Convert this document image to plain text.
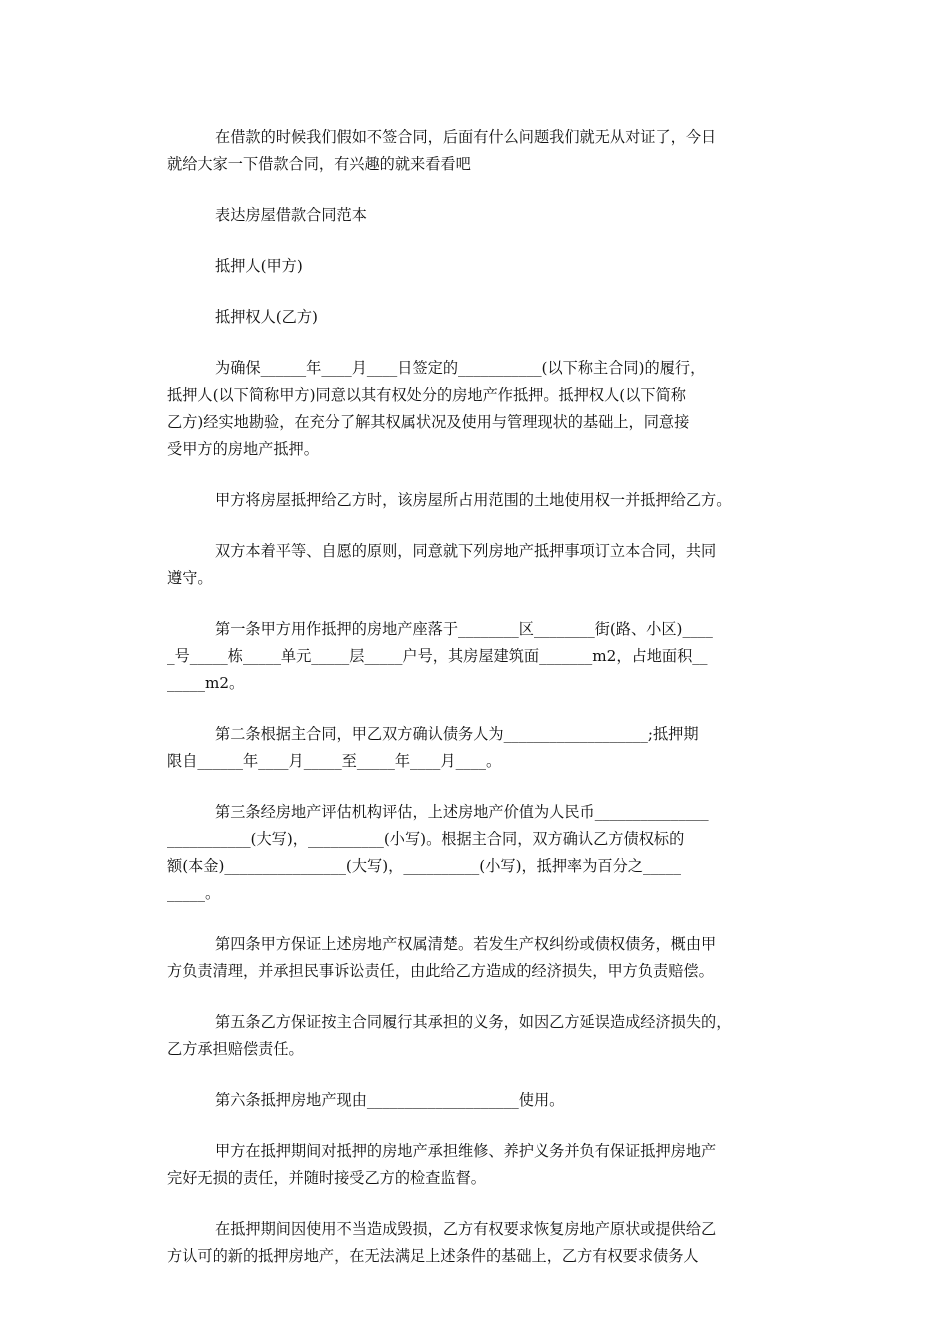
在借款的时候我们假如不签合同，后面有什么问题我们就无从对证了，今日
就给大家一下借款合同，有兴趣的就来看看吧

表达房屋借款合同范本

抵押人(甲方)

抵押权人(乙方)

为确保______年____月____日签定的___________(以下称主合同)的履行，
抵押人(以下简称甲方)同意以其有权处分的房地产作抵押。抵押权人(以下简称
乙方)经实地勘验，在充分了解其权属状况及使用与管理现状的基础上，同意接
受甲方的房地产抵押。

甲方将房屋抵押给乙方时，该房屋所占用范围的土地使用权一并抵押给乙方。

双方本着平等、自愿的原则，同意就下列房地产抵押事项订立本合同，共同
遵守。

第一条甲方用作抵押的房地产座落于________区________街(路、小区)____
_号_____栋_____单元_____层_____户号，其房屋建筑面_______m2，占地面积__
_____m2。

第二条根据主合同，甲乙双方确认债务人为___________________;抵押期
限自______年____月_____至_____年____月____。

第三条经房地产评估机构评估，上述房地产价值为人民币_______________
___________(大写)，__________(小写)。根据主合同，双方确认乙方债权标的
额(本金)________________(大写)，__________(小写)，抵押率为百分之_____
_____。

第四条甲方保证上述房地产权属清楚。若发生产权纠纷或债权债务，概由甲
方负责清理，并承担民事诉讼责任，由此给乙方造成的经济损失，甲方负责赔偿。

第五条乙方保证按主合同履行其承担的义务，如因乙方延误造成经济损失的，
乙方承担赔偿责任。

第六条抵押房地产现由____________________使用。

甲方在抵押期间对抵押的房地产承担维修、养护义务并负有保证抵押房地产
完好无损的责任，并随时接受乙方的检查监督。

在抵押期间因使用不当造成毁损，乙方有权要求恢复房地产原状或提供给乙
方认可的新的抵押房地产，在无法满足上述条件的基础上，乙方有权要求债务人
